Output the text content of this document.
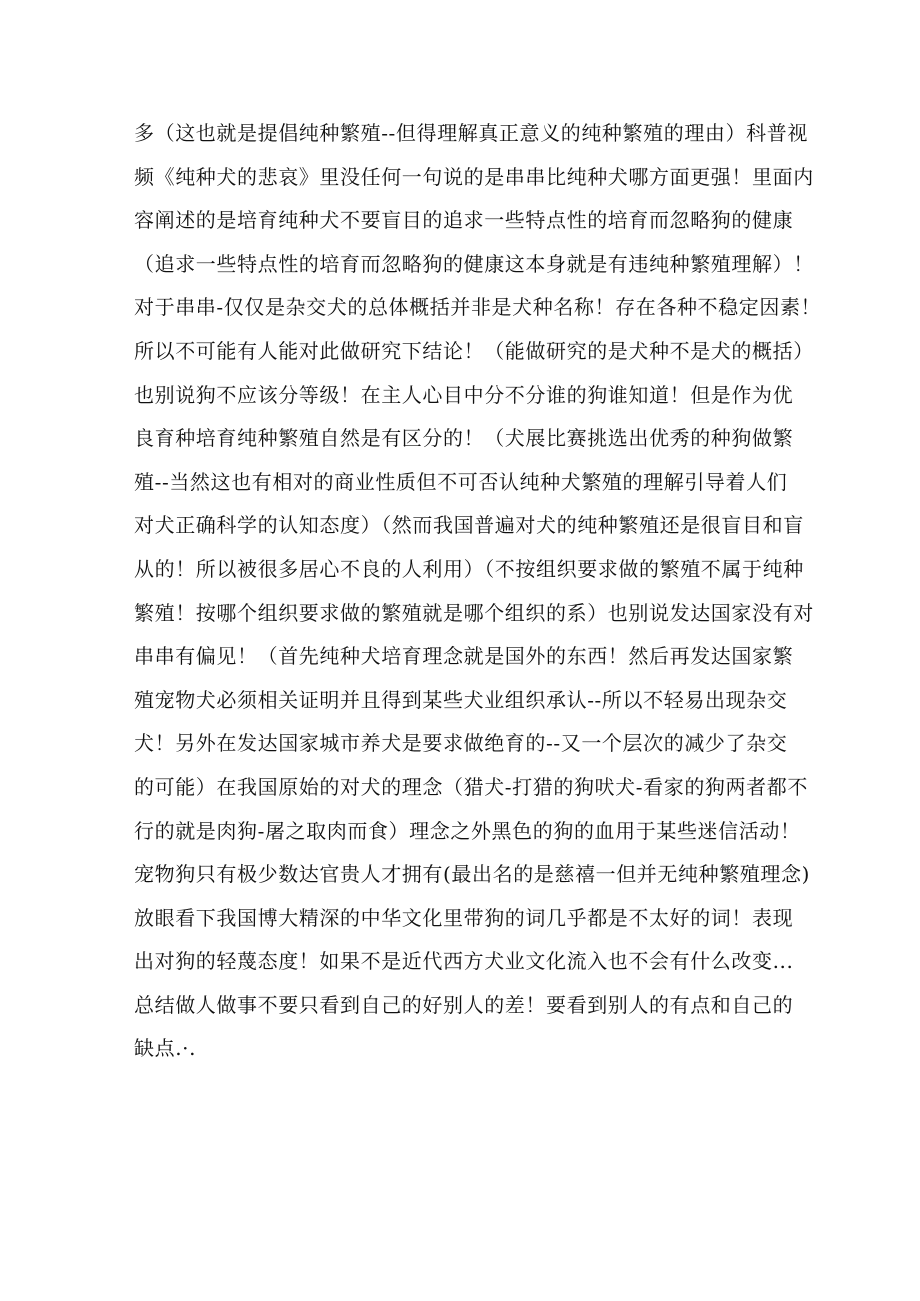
多（这也就是提倡纯种繁殖--但得理解真正意义的纯种繁殖的理由）科普视
频《纯种犬的悲哀》里没任何一句说的是串串比纯种犬哪方面更强！里面内
容阐述的是培育纯种犬不要盲目的追求一些特点性的培育而忽略狗的健康
（追求一些特点性的培育而忽略狗的健康这本身就是有违纯种繁殖理解）！
对于串串-仅仅是杂交犬的总体概括并非是犬种名称！存在各种不稳定因素！
所以不可能有人能对此做研究下结论！（能做研究的是犬种不是犬的概括）
也别说狗不应该分等级！在主人心目中分不分谁的狗谁知道！但是作为优
良育种培育纯种繁殖自然是有区分的！（犬展比赛挑选出优秀的种狗做繁
殖--当然这也有相对的商业性质但不可否认纯种犬繁殖的理解引导着人们
对犬正确科学的认知态度）（然而我国普遍对犬的纯种繁殖还是很盲目和盲
从的！所以被很多居心不良的人利用）（不按组织要求做的繁殖不属于纯种
繁殖！按哪个组织要求做的繁殖就是哪个组织的系）也别说发达国家没有对
串串有偏见！（首先纯种犬培育理念就是国外的东西！然后再发达国家繁
殖宠物犬必须相关证明并且得到某些犬业组织承认--所以不轻易出现杂交
犬！另外在发达国家城市养犬是要求做绝育的--又一个层次的减少了杂交
的可能）在我国原始的对犬的理念（猎犬-打猎的狗吠犬-看家的狗两者都不
行的就是肉狗-屠之取肉而食）理念之外黑色的狗的血用于某些迷信活动！
宠物狗只有极少数达官贵人才拥有(最出名的是慈禧一但并无纯种繁殖理念)
放眼看下我国博大精深的中华文化里带狗的词几乎都是不太好的词！表现
出对狗的轻蔑态度！如果不是近代西方犬业文化流入也不会有什么改变...
总结做人做事不要只看到自己的好别人的差！要看到别人的有点和自己的
缺点.·.
